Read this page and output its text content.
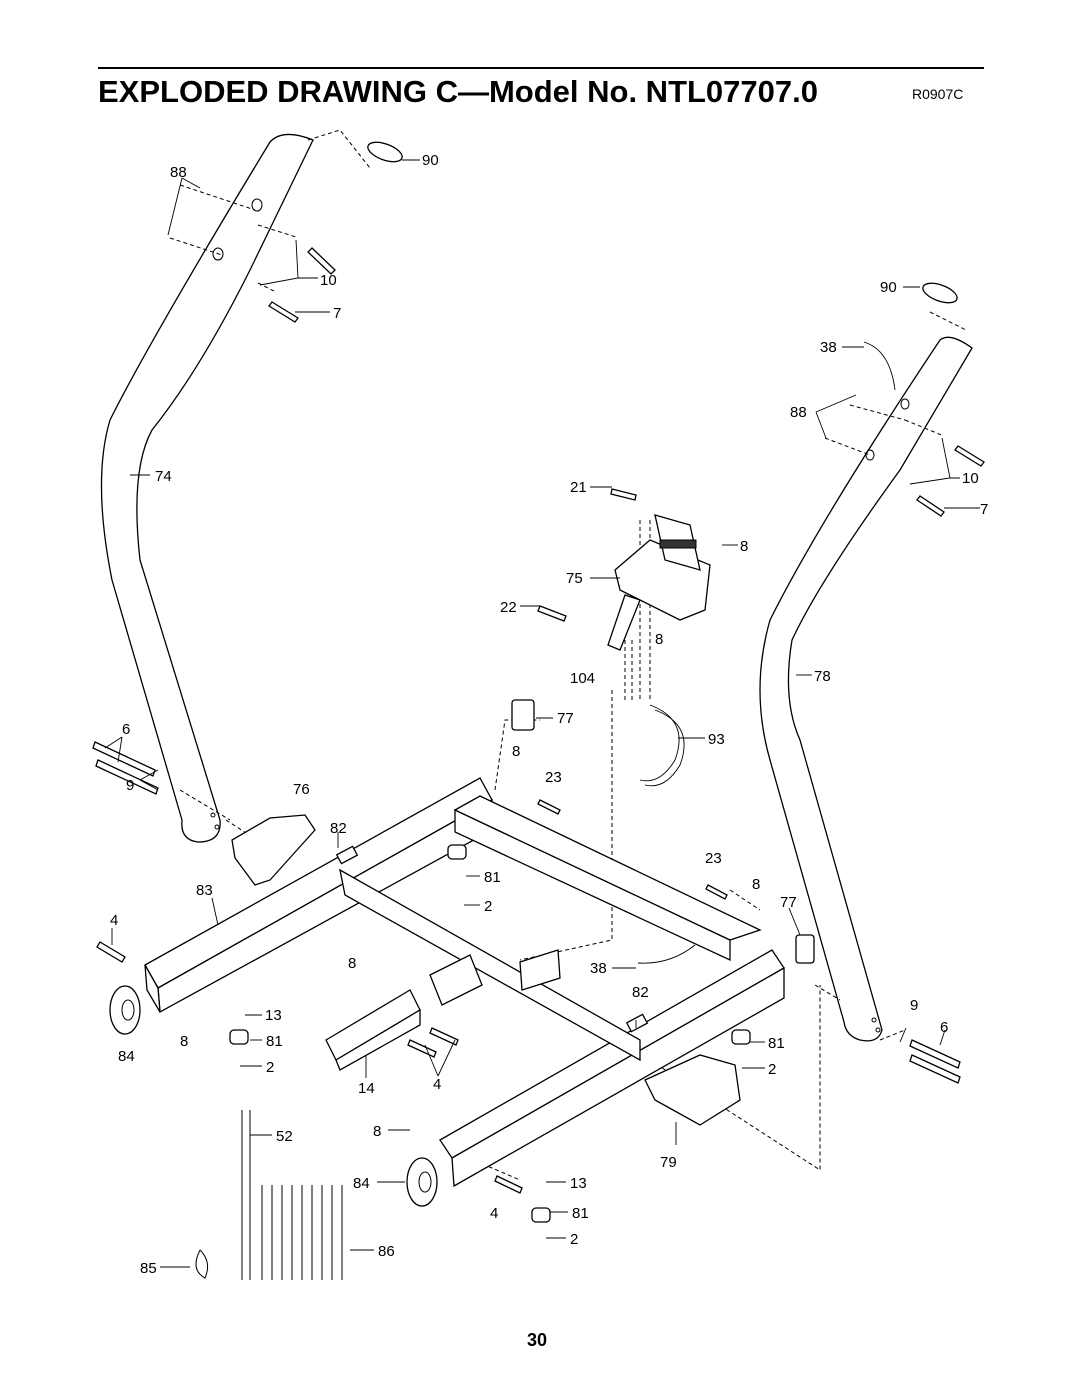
EXPLODED DRAWING C—Model No. NTL07707.0	R0907C
90
88
10
7
74
90
38
88
10
7
21
8
75
22
8
104	78
77
93
6
9	76
8
23
82
83
81
2
4
23
8
77
8	38
13
82
8	81
84
2
14	4
9
6
81
2
52	8
79
84	13
4	81
2
85
86
30
